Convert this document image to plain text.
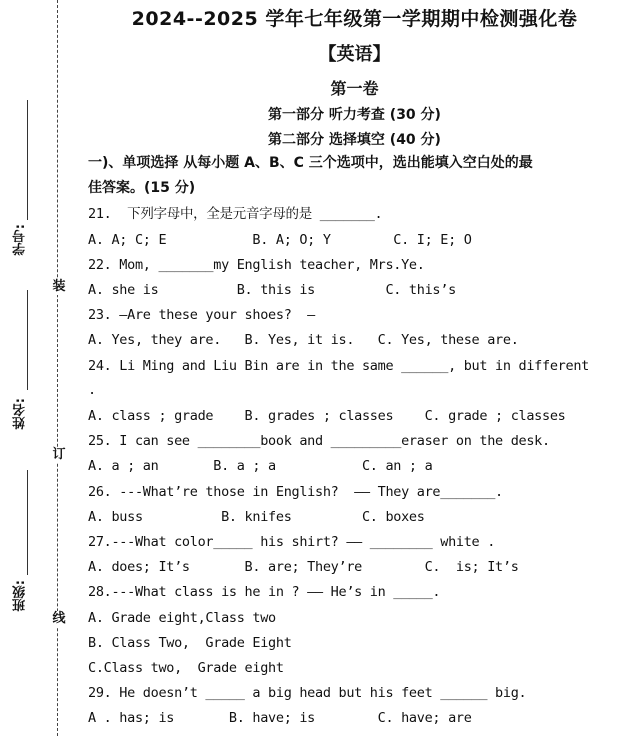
学号:
姓名:
班级:
装
订
线
2024--2025 学年七年级第一学期期中检测强化卷
【英语】
第一卷
第一部分 听力考查 (30 分)
第二部分 选择填空 (40 分)
一)、单项选择 从每小题 A、B、C 三个选项中，选出能填入空白处的最
佳答案。(15 分)
21.  下列字母中，全是元音字母的是 _______.
A. A; C; E           B. A; O; Y        C. I; E; O
22. Mom, _______my English teacher, Mrs.Ye.
A. she is          B. this is         C. this’s
23. —Are these your shoes?  —
A. Yes, they are.   B. Yes, it is.   C. Yes, these are.
24. Li Ming and Liu Bin are in the same ______, but in different
.
A. class ; grade    B. grades ; classes    C. grade ; classes
25. I can see ________book and _________eraser on the desk.
A. a ; an       B. a ; a           C. an ; a
26. ---What’re those in English?  —— They are_______.
A. buss          B. knifes         C. boxes
27.---What color_____ his shirt? —— ________ white .
A. does; It’s       B. are; They’re        C.  is; It’s
28.---What class is he in ? —— He’s in _____.
A. Grade eight,Class two
B. Class Two,  Grade Eight
C.Class two,  Grade eight
29. He doesn’t _____ a big head but his feet ______ big.
A . has; is       B. have; is        C. have; are
